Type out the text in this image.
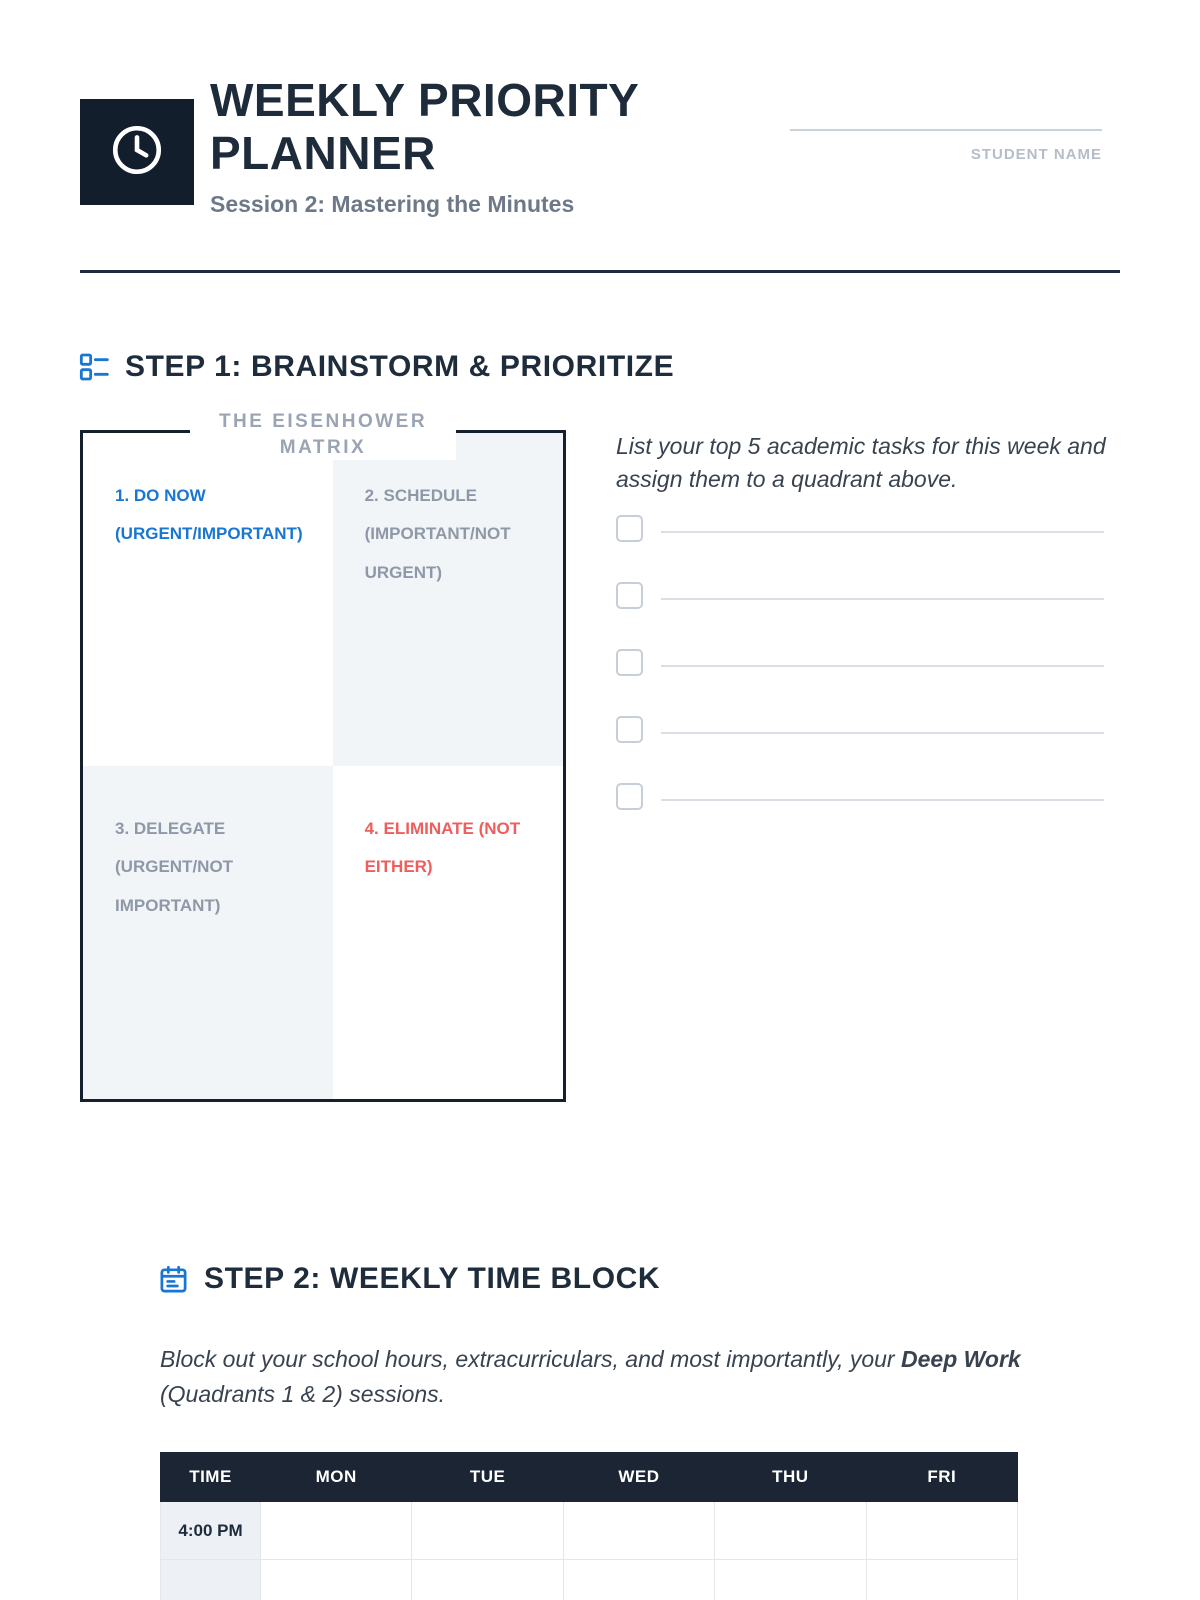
WEEKLY PRIORITY PLANNER
Session 2: Mastering the Minutes
STUDENT NAME
STEP 1: BRAINSTORM & PRIORITIZE
THE EISENHOWER MATRIX
1. DO NOW (URGENT/IMPORTANT)
2. SCHEDULE (IMPORTANT/NOT URGENT)
3. DELEGATE (URGENT/NOT IMPORTANT)
4. ELIMINATE (NOT EITHER)
List your top 5 academic tasks for this week and assign them to a quadrant above.
STEP 2: WEEKLY TIME BLOCK
Block out your school hours, extracurriculars, and most importantly, your Deep Work (Quadrants 1 & 2) sessions.
TIME	MON	TUE	WED	THU	FRI
4:00 PM					
